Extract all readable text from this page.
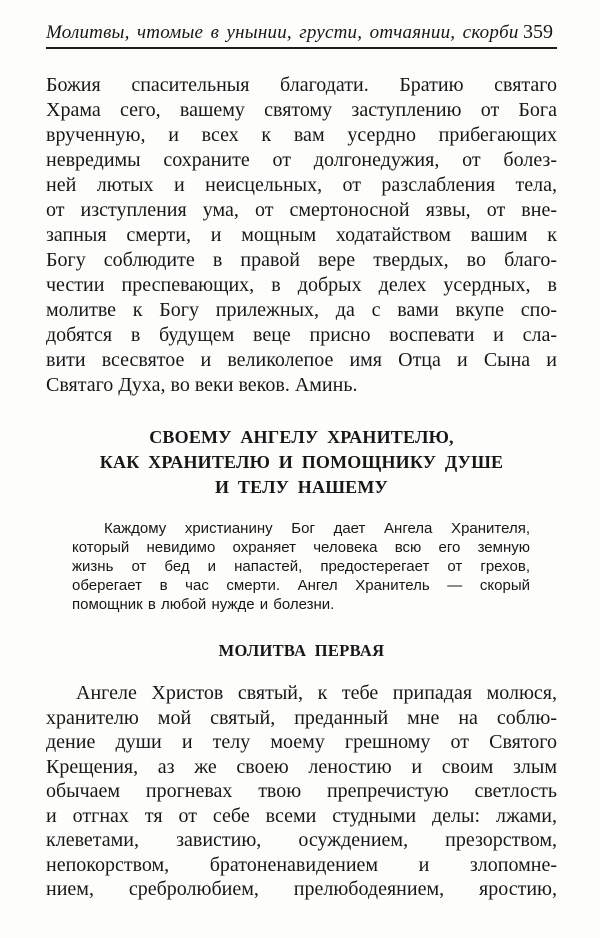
Молитвы, чтомые в унынии, грусти, отчаянии, скорби 359
Божия спасительныя благодати. Братию святаго
Храма сего, вашему святому заступлению от Бога
врученную, и всех к вам усердно прибегающих
невредимы сохраните от долгонедужия, от болез-
ней лютых и неисцельных, от разслабления тела,
от изступления ума, от смертоносной язвы, от вне-
запныя смерти, и мощным ходатайством вашим к
Богу соблюдите в правой вере твердых, во благо-
честии преспевающих, в добрых делех усердных, в
молитве к Богу прилежных, да с вами вкупе спо-
добятся в будущем веце присно воспевати и сла-
вити всесвятое и великолепое имя Отца и Сына и
Святаго Духа, во веки веков. Аминь.
СВОЕМУ АНГЕЛУ ХРАНИТЕЛЮ,
КАК ХРАНИТЕЛЮ И ПОМОЩНИКУ ДУШЕ
И ТЕЛУ НАШЕМУ
Каждому христианину Бог дает Ангела Хранителя,
который невидимо охраняет человека всю его земную
жизнь от бед и напастей, предостерегает от грехов,
оберегает в час смерти. Ангел Хранитель — скорый
помощник в любой нужде и болезни.
МОЛИТВА ПЕРВАЯ
Ангеле Христов святый, к тебе припадая молюся,
хранителю мой святый, преданный мне на соблю-
дение души и телу моему грешному от Святого
Крещения, аз же своею леностию и своим злым
обычаем прогневах твою препречистую светлость
и отгнах тя от себе всеми студными делы: лжами,
клеветами, завистию, осуждением, презорством,
непокорством, братоненавидением и злопомне-
нием, сребролюбием, прелюбодеянием, яростию,
